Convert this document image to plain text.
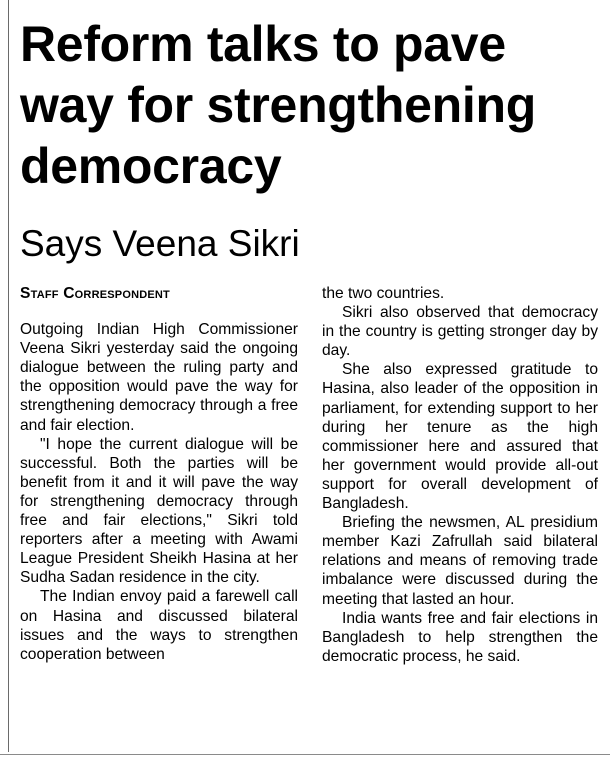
Reform talks to pave way for strengthening democracy
Says Veena Sikri

Staff Correspondent

Outgoing Indian High Commissioner Veena Sikri yesterday said the ongoing dialogue between the ruling party and the opposition would pave the way for strengthening democracy through a free and fair election.

"I hope the current dialogue will be successful. Both the parties will be benefit from it and it will pave the way for strengthening democracy through free and fair elections," Sikri told reporters after a meeting with Awami League President Sheikh Hasina at her Sudha Sadan residence in the city.

The Indian envoy paid a farewell call on Hasina and discussed bilateral issues and the ways to strengthen cooperation between

the two countries.

Sikri also observed that democracy in the country is getting stronger day by day.

She also expressed gratitude to Hasina, also leader of the opposition in parliament, for extending support to her during her tenure as the high commissioner here and assured that her government would provide all-out support for overall development of Bangladesh.

Briefing the newsmen, AL presidium member Kazi Zafrullah said bilateral relations and means of removing trade imbalance were discussed during the meeting that lasted an hour.

India wants free and fair elections in Bangladesh to help strengthen the democratic process, he said.
